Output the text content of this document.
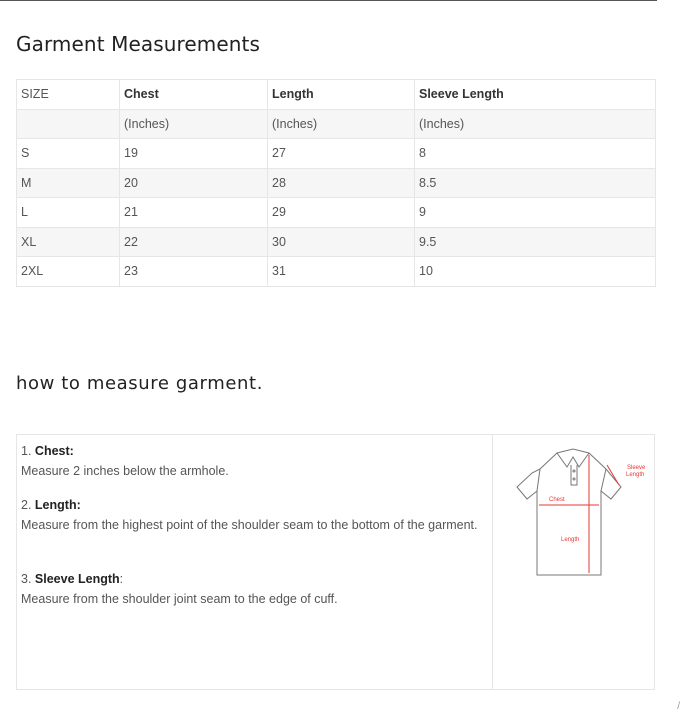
Garment Measurements
SIZE	Chest	Length	Sleeve Length
	(Inches)	(Inches)	(Inches)
S	19	27	8
M	20	28	8.5
L	21	29	9
XL	22	30	9.5
2XL	23	31	10
how to measure garment.
1. Chest:
Measure 2 inches below the armhole.
2. Length:
Measure from the highest point of the shoulder seam to the bottom of the garment.
3. Sleeve Length:
Measure from the shoulder joint seam to the edge of cuff.
Chest
Length
Sleeve
Length
/
